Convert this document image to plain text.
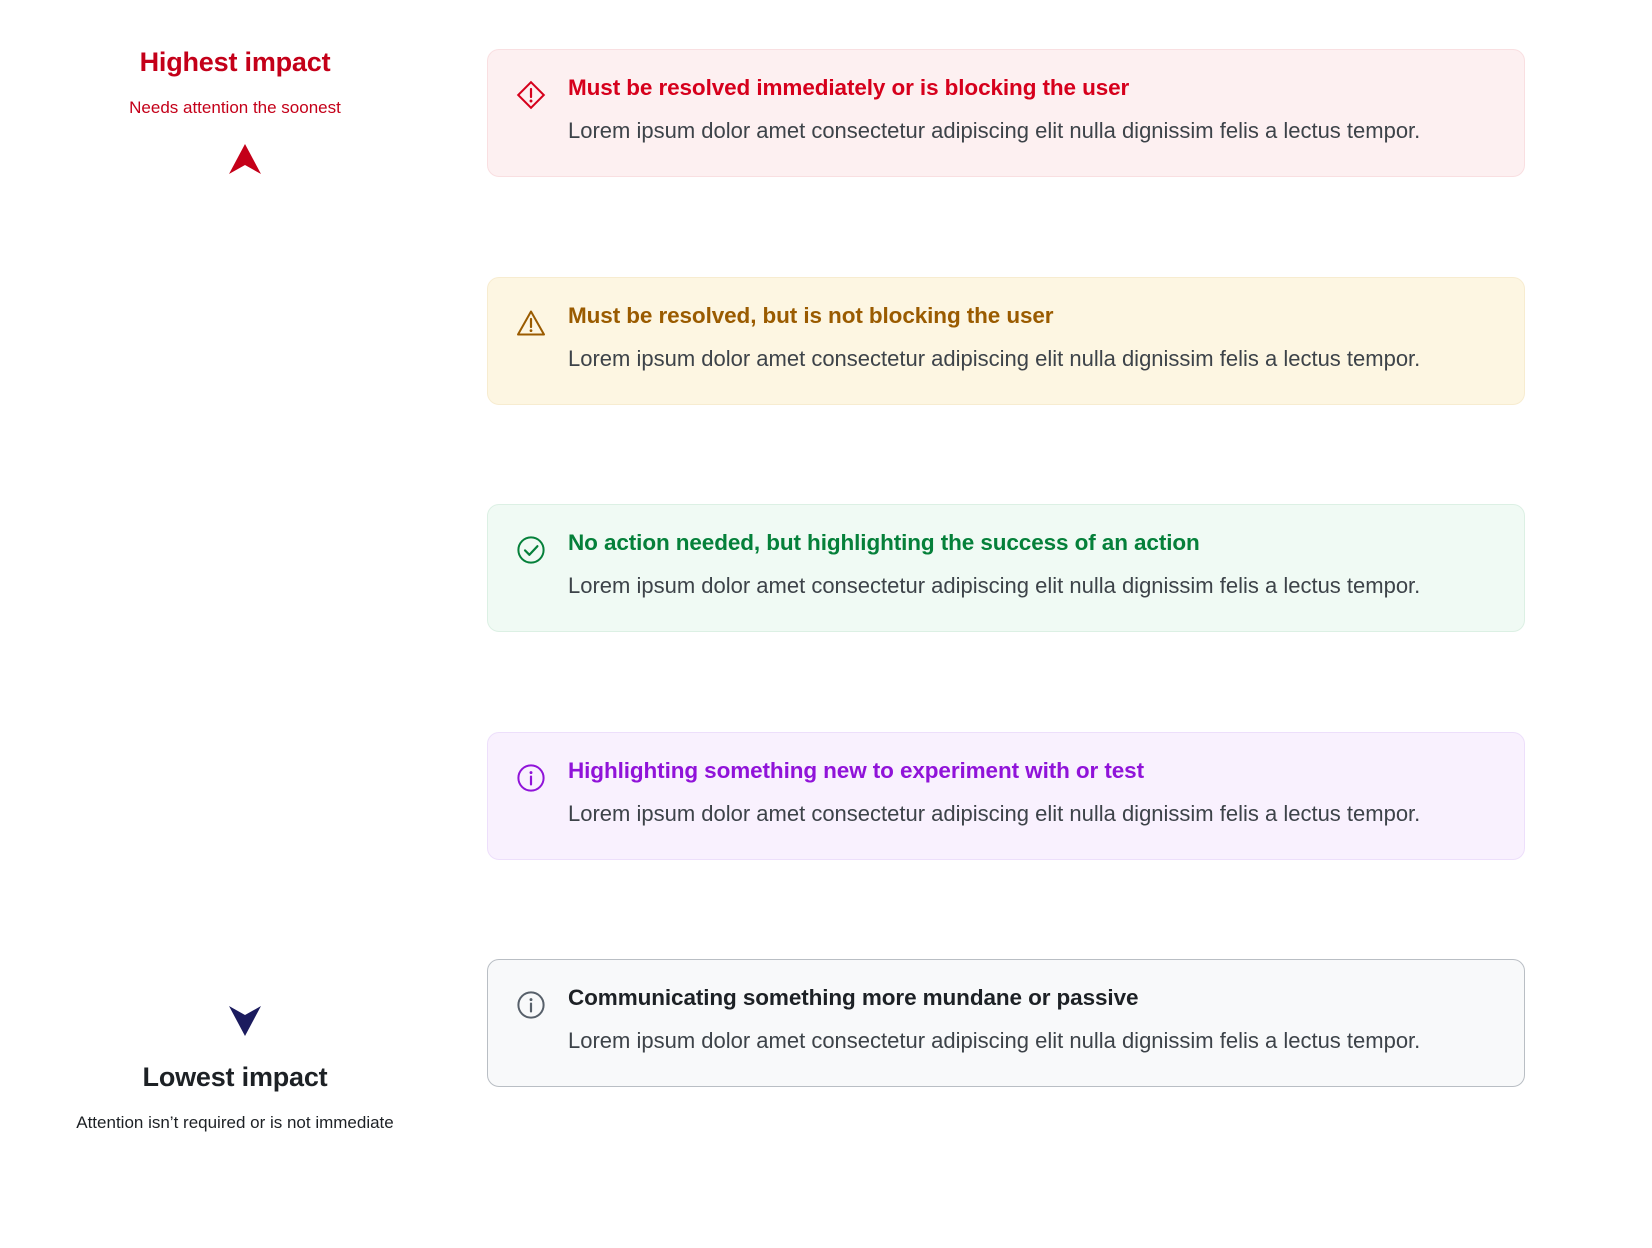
Highest impact
Needs attention the soonest
Lowest impact
Attention isn’t required or is not immediate

Must be resolved immediately or is blocking the user

Lorem ipsum dolor amet consectetur adipiscing elit nulla dignissim felis a lectus tempor.

Must be resolved, but is not blocking the user

Lorem ipsum dolor amet consectetur adipiscing elit nulla dignissim felis a lectus tempor.

No action needed, but highlighting the success of an action

Lorem ipsum dolor amet consectetur adipiscing elit nulla dignissim felis a lectus tempor.

Highlighting something new to experiment with or test

Lorem ipsum dolor amet consectetur adipiscing elit nulla dignissim felis a lectus tempor.

Communicating something more mundane or passive

Lorem ipsum dolor amet consectetur adipiscing elit nulla dignissim felis a lectus tempor.
